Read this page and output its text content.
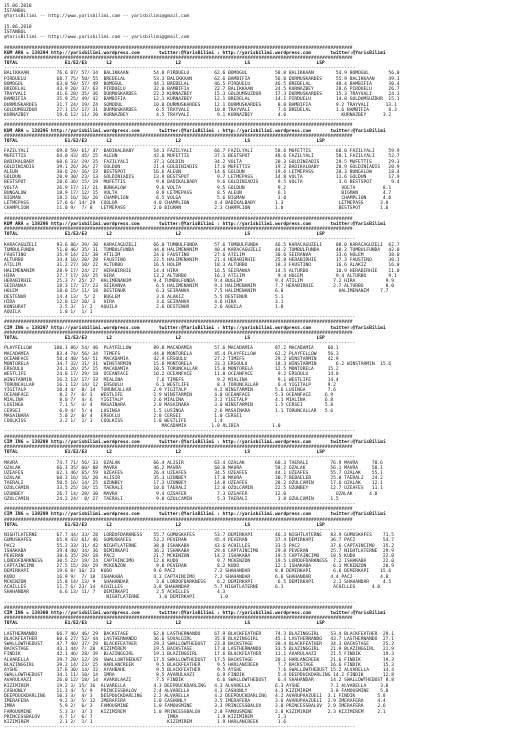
15.06.2018
İSTANBUL
@YarisBilimi -- http://www.yarisbilimi.com -- yarisbilimi@gmail.com
15.06.2018
İSTANBUL
@YarisBilimi -- http://www.yarisbilimi.com -- yarisbilimi@gmail.com
##############################################################################################################################
KUM ARA = 138294 http://yarisbilimi.wordpress.com       twitter:@YarisBilimi : http://yarisbilimi.wordpress.com       twitter:@YarisBilimi
##############################################################################################################################
TOTAL                 E1/E2/E3       L2                       L2                       LS                        LSP
-------------------------------------------------------------------------------------------------------------------------------
BALIKKAAN          76.6 87/ 57/ 34  BALIKKAAN         54.8 PIRDUELU         62.6 BOMOGUL          58.0 BALIKKAAN        54.9 BOMOGUL       56.0
PIRDUELU           68.7 75/ 50/ 55  BREDELAL          53.3 BALIKKAAN        62.6 BAMBIFIA         56.8 DURMUSKARDES     55.9 BALIKKAAN     49.1
BOMOGUL            63.0 58/ 57/ 49  BOMOGUL           44.1 BREDELAL         46.5 PIRDUELU         46.5 BREDELAL         48.4 BAMBIFIA      30.4
BREDELAL           43.9 20/ 37/ 63  PIRDUELU          32.0 BAMBIFIA         22.7 BALIKKAAN        24.5 KURNAZBEY        28.6 PIRDUELU      26.7
TRAYVALI           41.6 28/ 35/ 36  DURMUSKARDES      22.2 KURNAZBEY        15.3 GOLDUMSUZDUR     17.3 DURMUSKARDES     15.3 TRAYVALI      24.3
BAMBIFIA           35.9 25/ 49/ 42  BAMBIFIA          12.1 KURNAZBEY        12.1 BREDELAL         14.1 PIRDUELU         14.8 GOLDUMSUZDUR  15.1
DURMUSKARDES       31.7 24/ 19/ 24  SOMODUL           10.0 DURMUSKARDES     12.1 DURMUSKARDES      8.8 BAMBIFIA         9.2 TRAYVALI      13.1
GOLDUMSUZDUR       27.1 15/ 17/ 31  DURMUSKARDES       6.5 TRAYVALI         10.8 TRAYVALI          7.6 BREDELAL         1.6 BAMBIFIA       8.3
KURNAZBEY          19.6 12/ 11/ 20  KURNAZBEY          4.5 TRAYVALI          9.1 KURNAZBEY         4.6                    KURNAZBEY      3.2
-------------------------------------------------------------------------------------------------------------------------------
##############################################################################################################################
KUM ARA = 138295 http://yarisbilimi.wordpress.com       twitter:@YarisBilimi : http://yarisbilimi.wordpress.com       twitter:@YarisBilimi
##############################################################################################################################
TOTAL                 E1/E2/E3       L2                       L2                       LS                        LSP
-------------------------------------------------------------------------------------------------------------------------------
FAZILYALI          69.8 59/ 61/ 47  BADIKALBABY       54.3 FAZILYALI        66.7 FAZILYALI        58.6 MUFETTIS         60.0 FAZILYALI     59.9
MUFETTIS           64.0 43/ 45/ 25  ALEUN             42.0 MUFETTIS         37.1 BESTSPOT         48.6 FAZILYALI        58.1 FAZILYALI     52.7
BADIKALBABY        60.6 33/ 19/ 25  FAZILYALI         37.1 GOLDIN           34.2 VOLTA            20.3 GOLDINIADIS      29.5 MUFETTIS      29.3
GOLDINIADIS        39.1 26/ 26/ 27  GOLDUN            21.4 GOLDINIADIS      17.6 MUFETTIS         19.2 BADIKALBABY      20.9 GOLDINIADIS   20.9
ALEUN              30.6 24/ 16/ 23  BESTSPOT          16.6 ALEUN            14.6 GOLDUN           19.6 LETMEPASS        20.3 BUNGALOW      18.4
GOLDUN             28.9 30/ 23/ 13  GOLDINIADIS       13.9 BESTSPOT          9.7 LETMEPASS        14.8 VOLTA            11.6 GOLDUN        17.9
BESTSPOT           28.6 36/ 15/ 19  MUFETTIS           9.8 BADIKALBABY       9.6 GOLDINIADIS       9.5 VOLTA             3.6 BESTSPOT       9.4
VOLTA              26.9 17/ 11/ 21  BUNGALOW           9.6 VOLTA             9.5 GOLDUN            9.2                    VOLTA          8.1
BUNGALOW           18.9 17/ 12/ 15  VOLTA              8.9 LETMEPASS         8.5 ALEUN             6.1                    BIGMAN         4.7
BIGMAN             18.2 16/ 16/ 26  CHAMPLION          6.5 VOLGA             5.6 BIGMAN            3.0                    CHAMPLION      4.0
LETMEPASS          17.6 6/ 14/ 29  COOLOR             4.0 CHAMPLION         4.4 BADIKALBABY       1.3                    LETMEPASS      3.0
CHAMPLION          11.0 9/  7/ 8   LETMEPASS          2.0 BIGMAN            2.3 CHAMPLION         1.0                    BESTSPOT       1.6
-------------------------------------------------------------------------------------------------------------------------------
##############################################################################################################################
KUM ARA = 138296 http://yarisbilimi.wordpress.com       twitter:@YarisBilimi : http://yarisbilimi.wordpress.com       twitter:@YarisBilimi
##############################################################################################################################
TOTAL                 E1/E2/E3       L2                       L2                       LS                        LSP
-------------------------------------------------------------------------------------------------------------------------------
KARACAGUZELI       93.6 86/ 39/ 30  KARACAGUZELI      66.0 TUMBULFUNDA      57.6 TUMBULFUNDA      46.5 KARACAGUZELI     88.0 KARACAGUZELI  62.7
TUMBULFUNDA        51.0 46/ 35/ 31  TUMBULFUNDA       44.0 HALIMENANIM      40.4 KARACAGUZELI     44.2 TUMBULFUNDA      40.2 TUMBULFUNDA   42.0
FAUSTINO           35.9 14/ 23/ 38  ATILIM            24.6 FAUSTINO         27.6 ATILIM           30.6 SEIRANVA         33.6 HOLEM         38.0
ALTURBO            34.4 16/ 20/ 28  FAUSTINO          22.5 HALIMENANIM      21.4 HERABIRHIE       25.8 HERABIRHIE       17.3 FAUSTINO      30.1
ATILIM             31.2 27/ 10/ 22  ALTURBO           16.5 HOLEM            18.3 ALTURBO          18.3 FAUSTINO         16.6 ALAKIZ        16.0
HALIMENANIM        28.9 17/ 24/ 27  HERABIRHIE        14.4 HIRA             16.5 SEIRANVA         14.5 ALTURBO          10.9 HERABIRHIE    11.0
HIRA               27.7 17/ 24/ 25  HIRA              13.2 ALTURBO          16.3 ATILIM            9.4 HOLEM            9.4 ALTURBO        9.1
HERABIRHIE         25.3 7/ 25/ 27  HALIMENANIM        9.4 TUMBULFUNDA       9.4 BUGLEM            9.4 ATILIM           7.2 HIRA           9.9
SEIRANVA           18.3 17/ 17/ 23  SEIRANVA           6.5 HALIMENANIM      9.3 HALIMENANIM       7.7 HERABIRHIE       2.7 ALTURBO        8.0
HOLEM              18.0 15/ 11/ 18  DESTENUR           6.3 SEIRANVA         7.5 HALIMENANIM       6.0                    HALIMENANIM    7.7
DESTENUR           14.4 13/  5/ 2   BUGLEM             3.6 ALAKIZ           5.5 DESTENUR          5.1
HIRA               12.0 12/ 10/ 3   HIRA               3.6 SEIRANVA         4.6 HIRA              3.1
KONSURAT            3.5 3/  1/ 2   AQUILA              2.6 DESTENUR         2.6 AQUILA            1.8
AQUILA              1.0 1/  1/ 1
-------------------------------------------------------------------------------------------------------------------------------
##############################################################################################################################
CIM ING = 138297 http://yarisbilimi.wordpress.com       twitter:@YarisBilimi : http://yarisbilimi.wordpress.com       twitter:@YarisBilimi
##############################################################################################################################
TOTAL                 E1/E2/E3       L2                       L2                       LS                        LSP
-------------------------------------------------------------------------------------------------------------------------------
PLAYFELLOW        100.1 86/ 54/ 40  PLAYFELLOW        89.8 MACADAMIA        57.6 MACADAMIA        87.2 MACADAMIA     60.1
MACADAMIA          83.4 74/ 56/ 34  TIMEFS            44.0 MONTORELA        45.4 PLAYFELLOW       62.2 PLAYFELLOW    56.3
OCEANFACE          58.4 48/ 54/ 51  MACADAMIA         42.9 ERSOULU          27.2 TIMEFS           29.2 WINSTARMIN    42.9
MONTORELA          34.7 32/ 31/ 31  WINSTARMIN        15.6 MONTORELA        33.3 ERSOULU          18.3 WINSTARMIN       6.2 WINSTARMIN  15.6
ERSOULU            24.1 26/ 25/ 15  MACADAMIA         10.5 TORUNCALLAR      15.0 MONTORELA        12.5 MONTORELA     15.2
WESTLIFE           24.0 17/ 29/ 18  OCEANFACE         10.2 OCEANFACE        11.8 OCEANFACE         9.2 ERSOULU       14.8
WINSTARMIN         16.2 13/ 17/ 33  MIALINA            7.6 TIMEFS            9.2 MIALINA           9.1 WESTLIFE      14.4
TORUNCALLAR        16.1 12/ 14/ 12  ERSOULU            6.1 WESTLIFE          8.3 TORUNCALLAR       6.4 YIGITALP      9.2
YIGITALP           10.4 4/  8/ 14  TORUNCALLAR        2.9 YIGITALP          4.2 WINSTARMIN        5.6 LUSINGA        7.6
OCEANFACE           8.2 7/  6/ 3   WESTLIFE           2.9 WINSTARMIN        4.0 OCEANFACE         5.3 OCEANFACE     6.9
MIALINA             8.0 7/  4/ 6   YIGITALP           2.6 MIALINA           3.2 YIGITALP          4.1 MIALINA       6.8
LUSINGA             7.1 5/  4/ 4   MASAINARA          2.0 MASAINARA         3.0 WINSTARMIN        1.5 CERSEI        5.8
CERSEI              6.9 4/  5/ 4   LUSINGA            1.5 LUSINGA           2.6 MASAINARA         1.1 TORUNCALLAR   5.6
MASAINARA           5.0 2/  0/ 4   ERSOCLU            2.0 CERSEI            1.0 CERSEI
COOLKISS            3.2 1/  1/ 1   COOLKISS           1.0 WESTLIFE          1.4
MACADAMIA         1.0 ALIBIA            1.0
-------------------------------------------------------------------------------------------------------------------------------
##############################################################################################################################
CIM ING = 138298 http://yarisbilimi.wordpress.com       twitter:@YarisBilimi : http://yarisbilimi.wordpress.com       twitter:@YarisBilimi
##############################################################################################################################
TOTAL                 E1/E2/E3       L2                       L2                       LS                        LSP
-------------------------------------------------------------------------------------------------------------------------------
MAVRA              74.7 71/ 56/ 33  OZALAK            66.4 ALISIR           63.4 OZALAK           68.3 TAERALI        76.9 MAVRA     70.6
OZALAK             66.3 35/ 60/ 88  MAVRA             46.2 MAVRA            60.0 MAVRA            58.2 OZALAK         56.1 MAVRA     58.1
UZEAFES            62.1 46/ 65/ 59  UZEAFES           26.4 UZEAFES          34.5 UZEAFES          44.1 UZEAFES        55.7 OZALAK    55.1
OZALAK             60.3 16/ 16/ 20  ALISIR            35.3 UZUNBEY          17.0 MAVRA            30.7 BEBAELEB       25.0 TAERALI   24.2
TAERALI            50.5 16/ 14/ 25  UZUNBEY           17.3 UZUNBEY          14.8 UZEAFES          28.2 OZULCAMIN      17.6 OZALAK    12.1
OZULCAMIN          33.5 25/ 18/ 15  TAERALI           10.6 TAERALI          12.0 OZULCAMIN        22.5 UZUNBEY        12.7 UZEAFES   11.1
UZUNBEY            26.7 14/ 28/ 30  MAVRA              9.4 OZSAFER           7.3 OZSAFER          12.0                  OZALAK      4.0
OZULCAMIN          24.2 24/  8/ 27  TAERALI            9.0 OZULCAMIN         5.3 TAERALI           3.8 OZULCAMIN      1.5
-------------------------------------------------------------------------------------------------------------------------------
##############################################################################################################################
CIM ING = 138299 http://yarisbilimi.wordpress.com       twitter:@YarisBilimi : http://yarisbilimi.wordpress.com       twitter:@YarisBilimi
##############################################################################################################################
TOTAL                 E1/E2/E3       L2                       L2                       LS                        LSP
-------------------------------------------------------------------------------------------------------------------------------
NIGHTLATERNE       67.7 44/ 33/ 28  LORDOFDARKNESS    55.7 GUMUSKAFES       53.7 DEMIRKAPI        46.3 NIGHTLATERNE   83.9 GUMUSKAFES    71.5
GUMUSKAFES         65.8 43/ 61/ 46  GUMUSKAFES        53.2 PEVERAN          45.4 PEVERAN          37.4 DEMIRKAPI      36.7 PAC2          54.7
PAC2               55.2 33/ 31/ 42  NIGHTLATERNE      38.0 ISHAKABA         43.6 ACHILLES         33.5 PAC2           37.6 CAPTAINCIMO   35.2
ISHAKABA           39.4 40/ 34/ 36  DEMIRKAPI         36.2 ISHAKABA         29.6 CAPTAINCIMO      29.8 PEVERAN        25.7 NIGHTLATERNE  29.9
PEVERAN            38.6 35/ 29/ 18  PAC2              21.7 MCKENZON         14.2 ISHAKABA         19.5 CAPTAINCIMO    18.5 KUDO          22.0
LORDOFDARKNESS     30.5 22/ 19/ 24  CAPTAINCIMO       12.6 KUDO              9.7 MCKENZON         19.5 LORDOFDARKNESS  7.2 ISHAKABA      22.0
CAPTAINCIMO        27.5 15/ 28/ 29  MCKENZON           9.8 PEVERAN           8.2 KUDO             12.1 ISHAKABA        6.1 MCKENZON      20.9
DEMIRKAPI          19.6 8/ 16/ 23  KUDO               9.6 PAC2              7.2 SHAHANDAR         8.8 DEMIRKAPI        6.6 DEMIRKAPI    15.6
KUDO               16.9 9/  7/ 18  ISHAKABA           4.3 CAPTAINCIMO       7.2 SHAHANDAR         6.6 SHAHANDAR       4.4 PAC2          4.8
MCKENZON           15.8 14/ 13/ 9   SHAHANDAR          3.8 LORDOFDARKNESS    6.2 DEMIRKAPI         6.5 DEMIRKAPI       2.1 SHAHANDAR     4.5
ACHILLES           11.7 6/ 23/ 14  ACHILLES           3.8 SHAHANDAR         5.7 NIGHTLATERNE      6.1                  ACHILLES      4.0
SHAHANDAR           6.6 13/ 11/ 7   DEMIRKAPI          2.5 ACHILLES          4.3
NIGHTLATERNE       1.0 DEMIRKAPI         1.0
-------------------------------------------------------------------------------------------------------------------------------
##############################################################################################################################
CIM ING = 138300 http://yarisbilimi.wordpress.com       twitter:@YarisBilimi : http://yarisbilimi.wordpress.com       twitter:@YarisBilimi
##############################################################################################################################
TOTAL                 E1/E2/E3       L2                       L2                       LS                        LSP
-------------------------------------------------------------------------------------------------------------------------------
LASTHERNANDO       66.7 46/ 46/ 29  BACKSTAGE         62.0 LASTHERNANDO     67.9 BLACKFEATHER     74.3 BLAZINGGIRL    53.4 BLACKFEATHER  29.1
BLACKFEATHER       60.6 27/ 52/ 44  LASTHERNANDO      36.6 SOVALGIRL        35.8 BLAZINGGIRL      45.1 LASTHERNANDO   43.7 LASTHERNANDO  27.1
SWALLOWTHEDUST     47.7 40/ 37/ 29  BLACKFEATHER      29.3 SWALLOWTHEDUST   23.8 BACKSTAGE        38.4 BLACKFEATHER   34.3 BACKSTAGE     25.2
BACKSTAGE          43.1 44/ 7/ 28  KIZIMIREM          19.5 BACKSTAGE        17.0 LASTHERNANDO     33.5 BLAZINGGIRL    21.9 BLAZINGGIRL   21.9
FINDIK             42.1 46/ 28/ 39  BLAZINGGIRL       19.1 BLAZINGGIRL      17.6 BLACKFEATHER     11.1 AVARULAAZI     21.5 FINDIK        19.3
ALVARELLA          39.7 20/ 12/ 19  SWALLOWTHEDUST    17.5 SWALLOWTHEDUST   17.5 BACKSTAGE        20.1 HARLANCREEK    21.6 FINDIK        19.3
BLAZINGGIRL        39.2 14/ 23/ 25  HARLANCREEK        9.5 BLACKFEATHER      9.5 HARLANCREEK       7.7 BACKSTAGE      16.6 FINDIK        15.3
AYSHE              37.6 30/ 14/ 32  AYAHBAHE           9.5 BLACKFEATHER      9.5 AYSHE             7.6 SWALLOWTHEDUST 15.2 ALVARELLA     14.4
SWALLOWTHEDUST     34.1 11/ 10/ 14  IMRA               8.5 AVARULAAZI        6.9 FINDIK            5.4 DEEPDUCKDARLING 14.2 FINDIK       12.8
AVARULAAZI         26.0 12/ 18/ 14  AVARULAAZI         7.5 FINDIK            6.6 SWALLOWTHEDUST    6.4 SHAHANDAR      14.2 SWALLOWTHEDUST 8.8
KIZIMIREM          19.2 3/ 15/ 16  ALVARELLA          4.3 DEEPDUCKDARLING   4.3 ALVARELLA         6.3 AYSHE           7.1 ALVARELLA     3.8
CASHONLY           11.3 4/  5/ 9   PRINCESSBALOV      2.4 ALVARELLA         4.3 CASHONLY          4.3 KIZIMIREM       3.8 FAMOUSMINE    5.8
DEEPDUCKDARLING    10.3 3/  4/ 3   DEEPDUCKDARLING    2.2 ALVARELLA         4.2 DEEPDUCKDARLING   4.2 AVARUPAAZUELI  3.1 FINDIK        5.8
IMERAFERA           9.2 3/  5/ 12  IMERAFERA          1.0 CASHONLY          3.5 IMERAFERA         3.6 AVARUPAAZUELI  2.9 IMERAFERA     4.4
IMRA                5.9 2/  6/ 3   FAMOUSMINE         1.0 FAMOUSMINE        3.3 PRINCESSBALOV     3.0 PRINCESSBALOV  2.9 IMERAFERA     2.6
FAMOUSMINE          5.3 3/  3/ 3   KIZIMIREM          1.0 PRINCESSBALOV     2.8 FAMOUSMINE        2.8 KIZIMIREM      2.3 KIZIMIREM     2.1
PRINCESSBALOV       4.7 1/  6/ 7                           IMRA              1.9 KIZIMIREM         2.3
KIZIMIREM           2.1 2/  1/ 1                           KIZIMIREM         1.9 HARLANCREEK       1.6
-------------------------------------------------------------------------------------------------------------------------------
